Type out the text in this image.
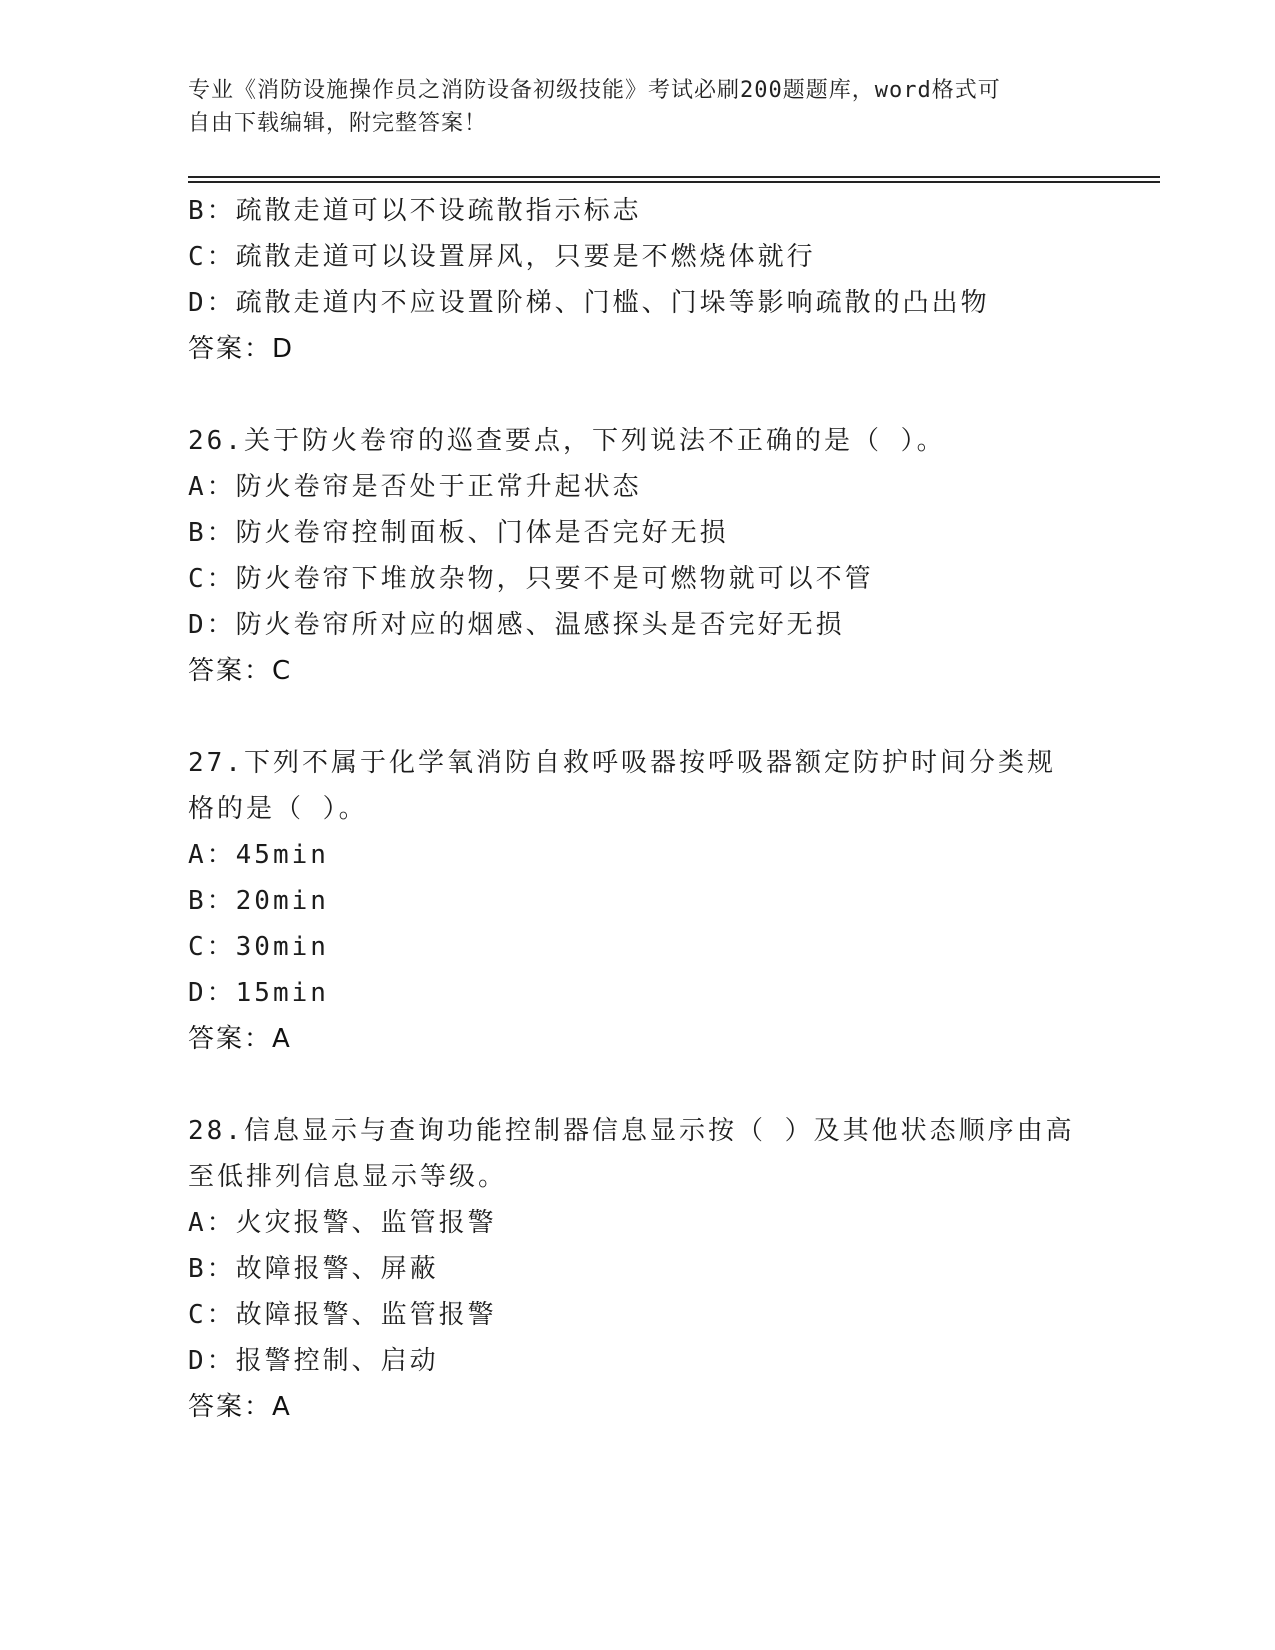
专业《消防设施操作员之消防设备初级技能》考试必刷200题题库，word格式可
自由下载编辑，附完整答案！
B：疏散走道可以不设疏散指示标志
C：疏散走道可以设置屏风，只要是不燃烧体就行
D：疏散走道内不应设置阶梯、门槛、门垛等影响疏散的凸出物
答案：D
26.关于防火卷帘的巡查要点，下列说法不正确的是（ ）。
A：防火卷帘是否处于正常升起状态
B：防火卷帘控制面板、门体是否完好无损
C：防火卷帘下堆放杂物，只要不是可燃物就可以不管
D：防火卷帘所对应的烟感、温感探头是否完好无损
答案：C
27.下列不属于化学氧消防自救呼吸器按呼吸器额定防护时间分类规格的是（ ）。
A：45min
B：20min
C：30min
D：15min
答案：A
28.信息显示与查询功能控制器信息显示按（ ）及其他状态顺序由高至低排列信息显示等级。
A：火灾报警、监管报警
B：故障报警、屏蔽
C：故障报警、监管报警
D：报警控制、启动
答案：A
